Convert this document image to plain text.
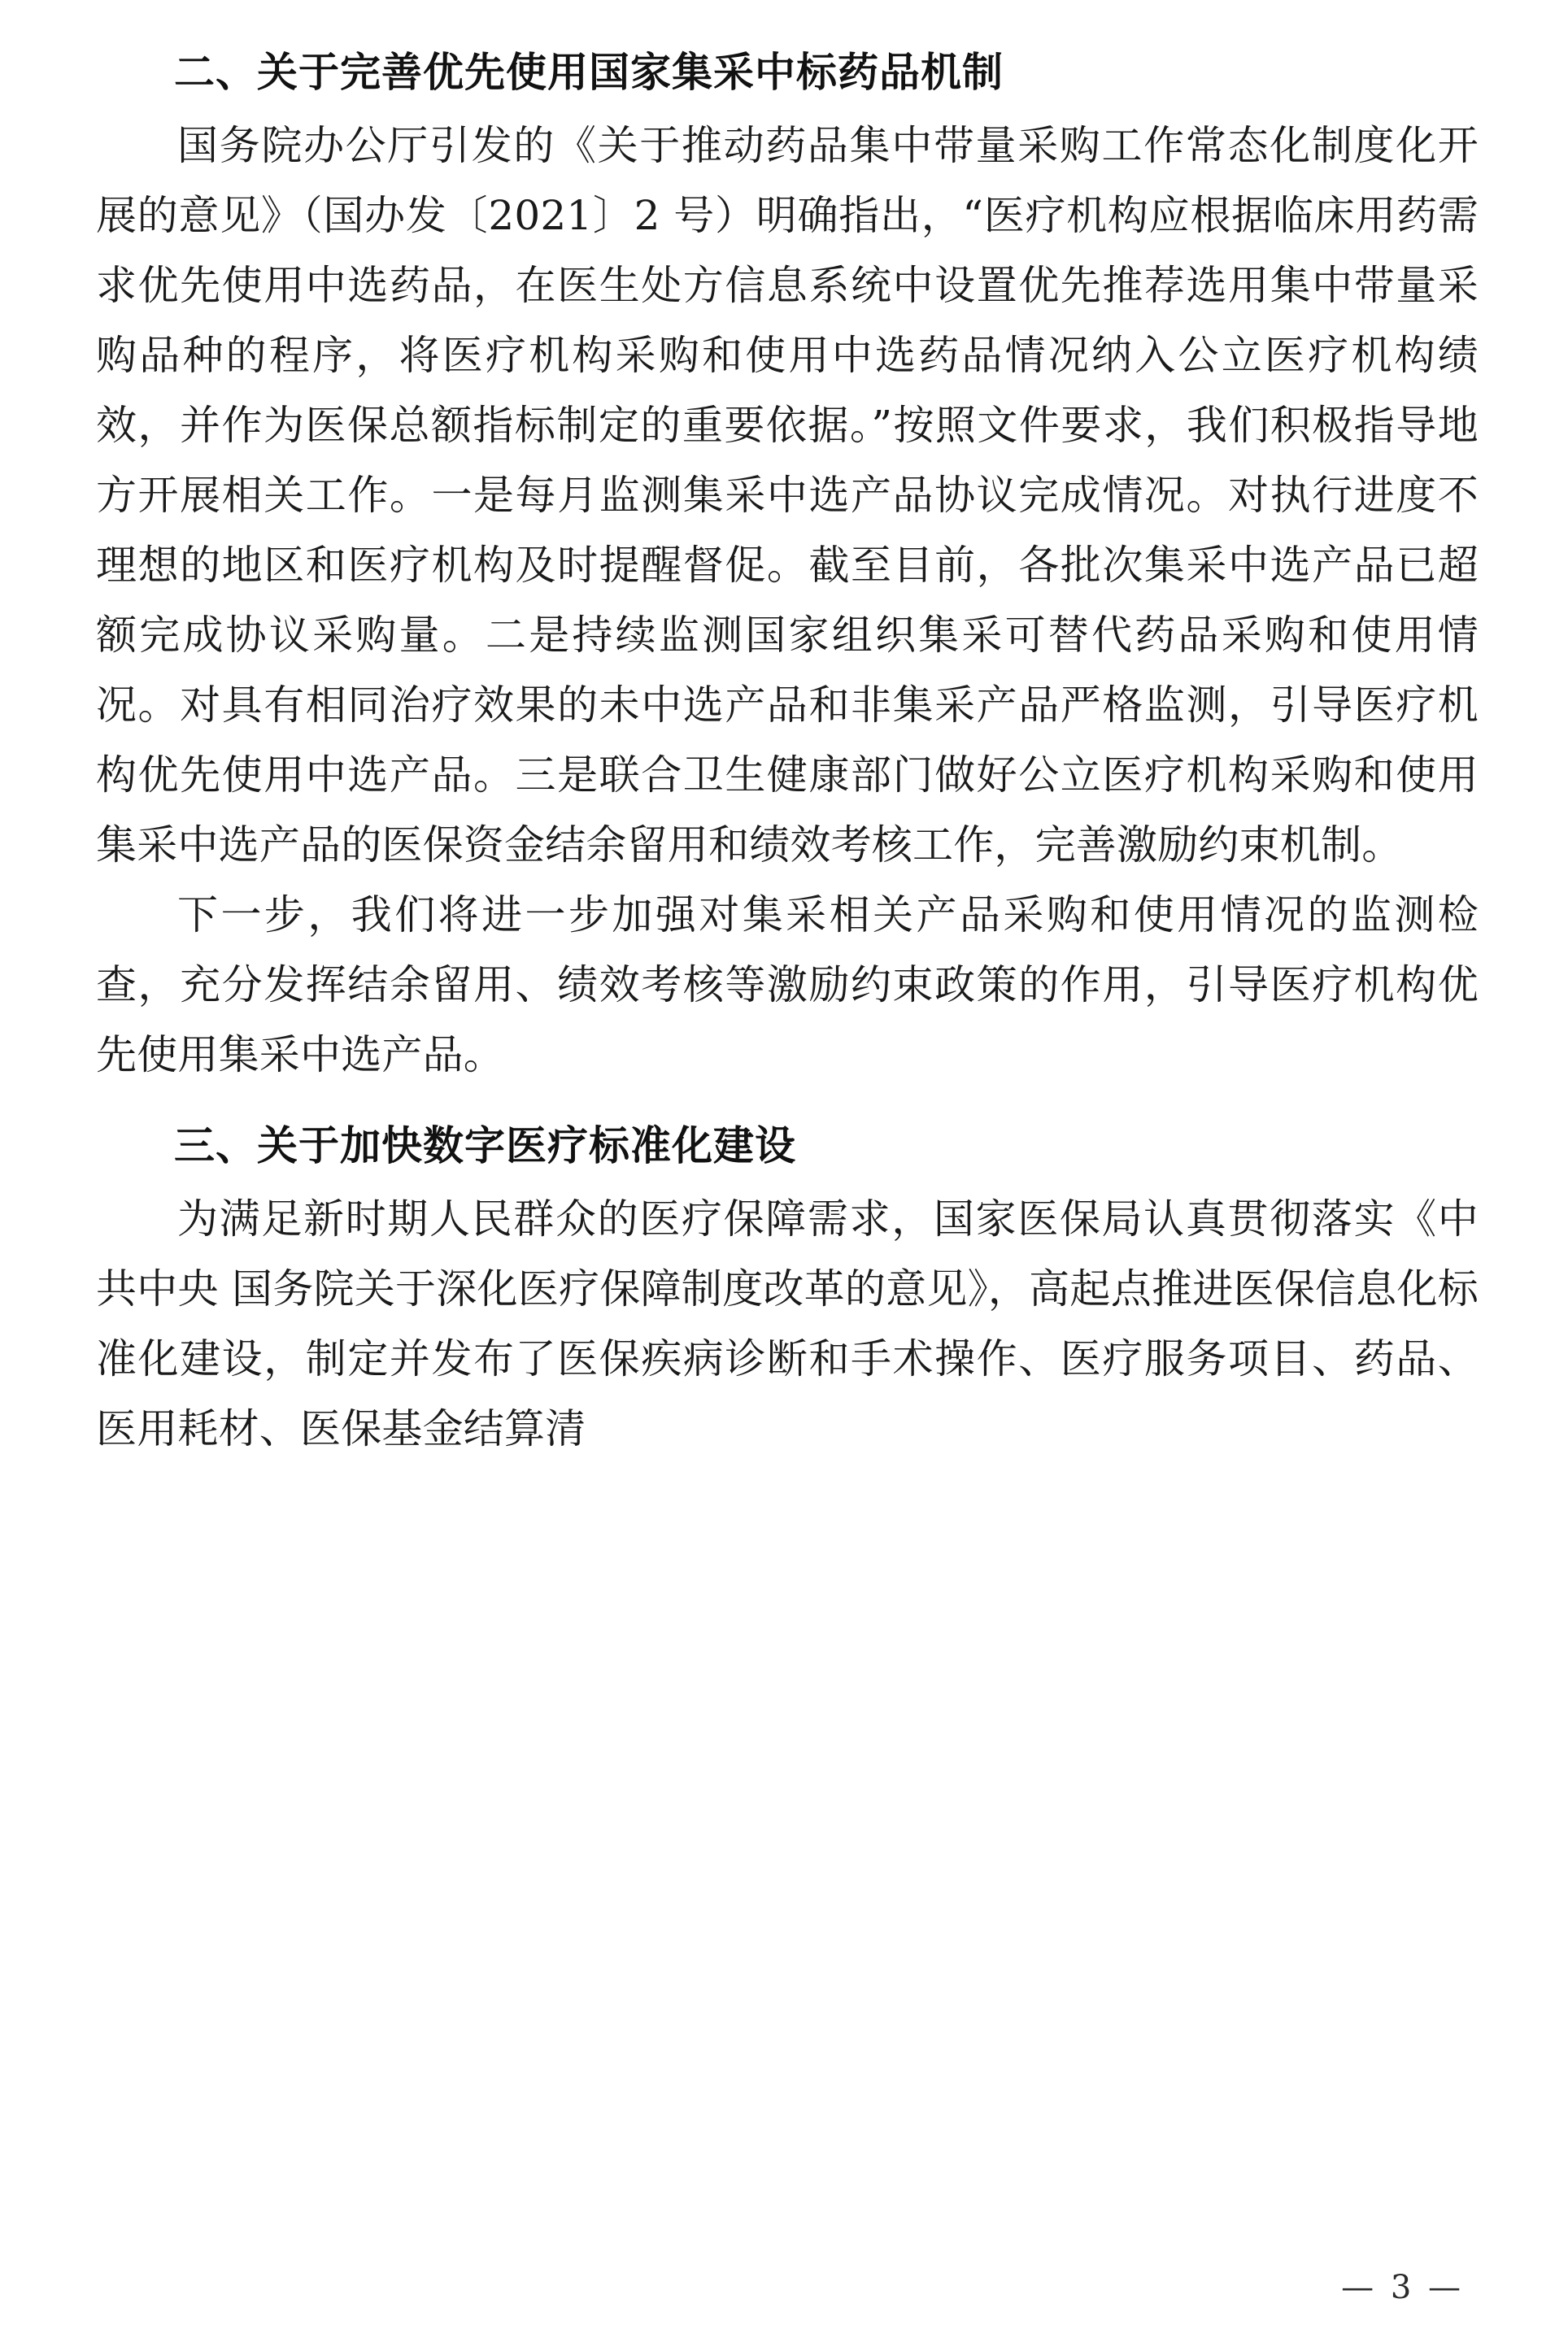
二、关于完善优先使用国家集采中标药品机制

国务院办公厅引发的《关于推动药品集中带量采购工作常态化制度化开展的意见》（国办发〔2021〕2 号）明确指出，“医疗机构应根据临床用药需求优先使用中选药品，在医生处方信息系统中设置优先推荐选用集中带量采购品种的程序，将医疗机构采购和使用中选药品情况纳入公立医疗机构绩效，并作为医保总额指标制定的重要依据。”按照文件要求，我们积极指导地方开展相关工作。一是每月监测集采中选产品协议完成情况。对执行进度不理想的地区和医疗机构及时提醒督促。截至目前，各批次集采中选产品已超额完成协议采购量。二是持续监测国家组织集采可替代药品采购和使用情况。对具有相同治疗效果的未中选产品和非集采产品严格监测，引导医疗机构优先使用中选产品。三是联合卫生健康部门做好公立医疗机构采购和使用集采中选产品的医保资金结余留用和绩效考核工作，完善激励约束机制。

下一步，我们将进一步加强对集采相关产品采购和使用情况的监测检查，充分发挥结余留用、绩效考核等激励约束政策的作用，引导医疗机构优先使用集采中选产品。

三、关于加快数字医疗标准化建设

为满足新时期人民群众的医疗保障需求，国家医保局认真贯彻落实《中共中央 国务院关于深化医疗保障制度改革的意见》，高起点推进医保信息化标准化建设，制定并发布了医保疾病诊断和手术操作、医疗服务项目、药品、医用耗材、医保基金结算清

— 3 —
